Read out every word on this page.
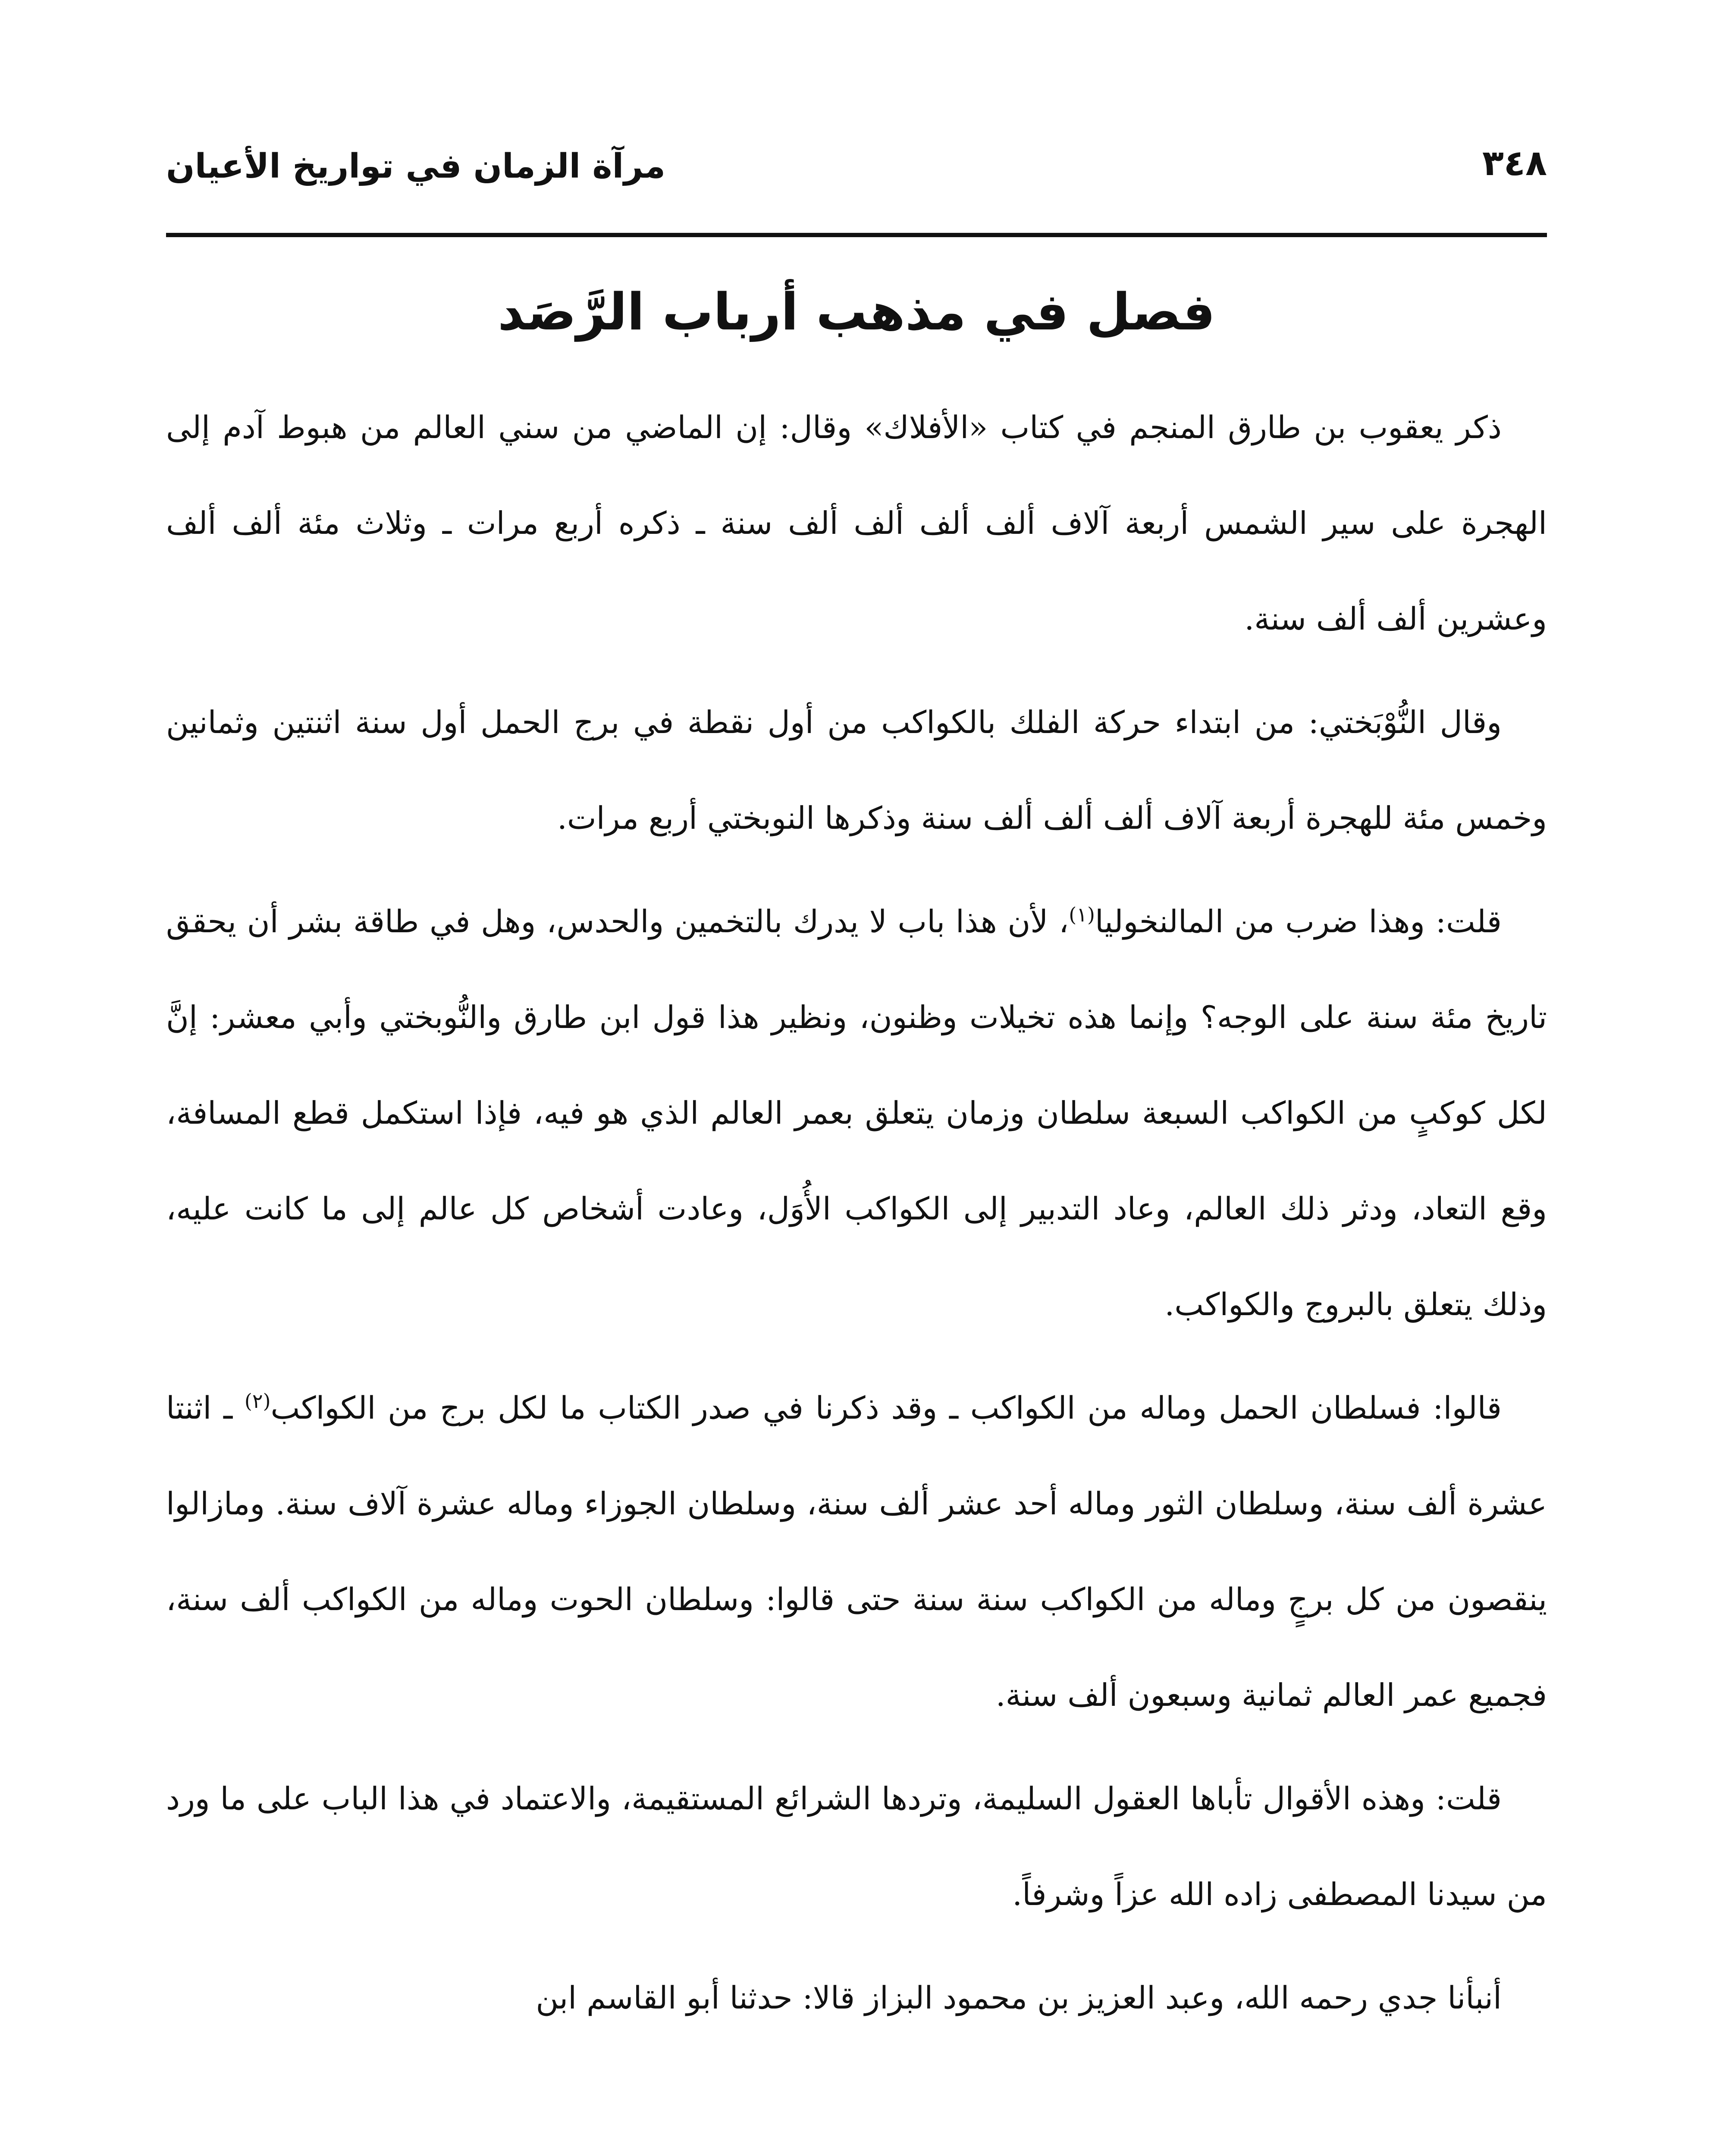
٣٤٨
مرآة الزمان في تواريخ الأعيان
فصل في مذهب أرباب الرَّصَد

ذكر يعقوب بن طارق المنجم في كتاب «الأفلاك» وقال: إن الماضي من سني العالم من هبوط آدم إلى الهجرة على سير الشمس أربعة آلاف ألف ألف ألف ألف سنة ـ ذكره أربع مرات ـ وثلاث مئة ألف ألف وعشرين ألف ألف سنة.

وقال النُّوْبَختي: من ابتداء حركة الفلك بالكواكب من أول نقطة في برج الحمل أول سنة اثنتين وثمانين وخمس مئة للهجرة أربعة آلاف ألف ألف ألف سنة وذكرها النوبختي أربع مرات.

قلت: وهذا ضرب من المالنخوليا$^{(١)}$، لأن هذا باب لا يدرك بالتخمين والحدس، وهل في طاقة بشر أن يحقق تاريخ مئة سنة على الوجه؟ وإنما هذه تخيلات وظنون، ونظير هذا قول ابن طارق والنُّوبختي وأبي معشر: إنَّ لكل كوكبٍ من الكواكب السبعة سلطان وزمان يتعلق بعمر العالم الذي هو فيه، فإذا استكمل قطع المسافة، وقع التعاد، ودثر ذلك العالم، وعاد التدبير إلى الكواكب الأُوَل، وعادت أشخاص كل عالم إلى ما كانت عليه، وذلك يتعلق بالبروج والكواكب.

قالوا: فسلطان الحمل وماله من الكواكب ـ وقد ذكرنا في صدر الكتاب ما لكل برج من الكواكب$^{(٢)}$ ـ اثنتا عشرة ألف سنة، وسلطان الثور وماله أحد عشر ألف سنة، وسلطان الجوزاء وماله عشرة آلاف سنة. ومازالوا ينقصون من كل برجٍ وماله من الكواكب سنة سنة حتى قالوا: وسلطان الحوت وماله من الكواكب ألف سنة، فجميع عمر العالم ثمانية وسبعون ألف سنة.

قلت: وهذه الأقوال تأباها العقول السليمة، وتردها الشرائع المستقيمة، والاعتماد في هذا الباب على ما ورد من سيدنا المصطفى زاده الله عزاً وشرفاً.

أنبأنا جدي رحمه الله، وعبد العزيز بن محمود البزاز قالا: حدثنا أبو القاسم ابن
